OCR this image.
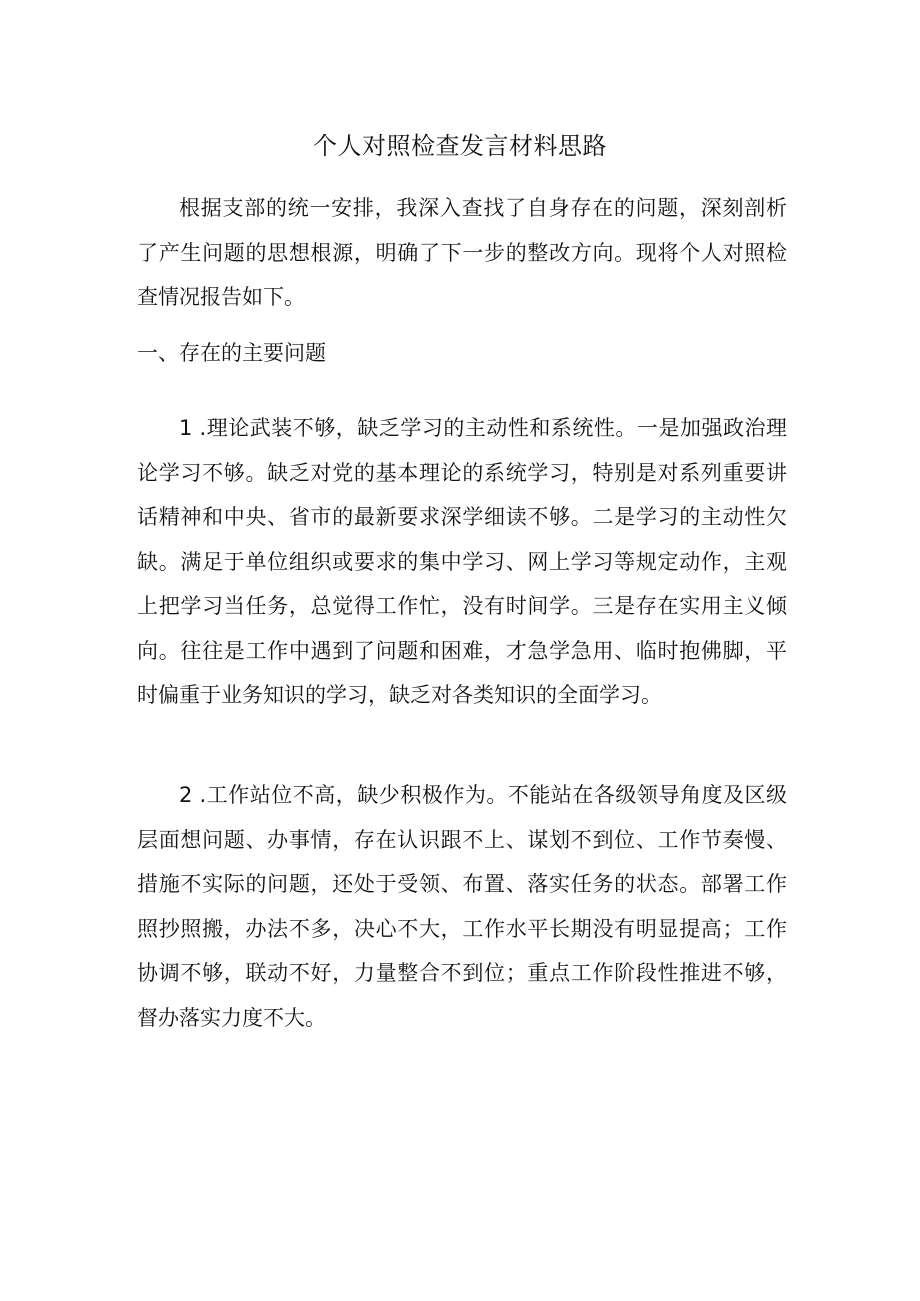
个人对照检查发言材料思路

根据支部的统一安排，我深入查找了自身存在的问题，深刻剖析了产生问题的思想根源，明确了下一步的整改方向。现将个人对照检查情况报告如下。

一、存在的主要问题

1 .理论武装不够，缺乏学习的主动性和系统性。一是加强政治理论学习不够。缺乏对党的基本理论的系统学习，特别是对系列重要讲话精神和中央、省市的最新要求深学细读不够。二是学习的主动性欠缺。满足于单位组织或要求的集中学习、网上学习等规定动作，主观上把学习当任务，总觉得工作忙，没有时间学。三是存在实用主义倾向。往往是工作中遇到了问题和困难，才急学急用、临时抱佛脚，平时偏重于业务知识的学习，缺乏对各类知识的全面学习。

2 .工作站位不高，缺少积极作为。不能站在各级领导角度及区级层面想问题、办事情，存在认识跟不上、谋划不到位、工作节奏慢、措施不实际的问题，还处于受领、布置、落实任务的状态。部署工作照抄照搬，办法不多，决心不大，工作水平长期没有明显提高；工作协调不够，联动不好，力量整合不到位；重点工作阶段性推进不够，督办落实力度不大。
